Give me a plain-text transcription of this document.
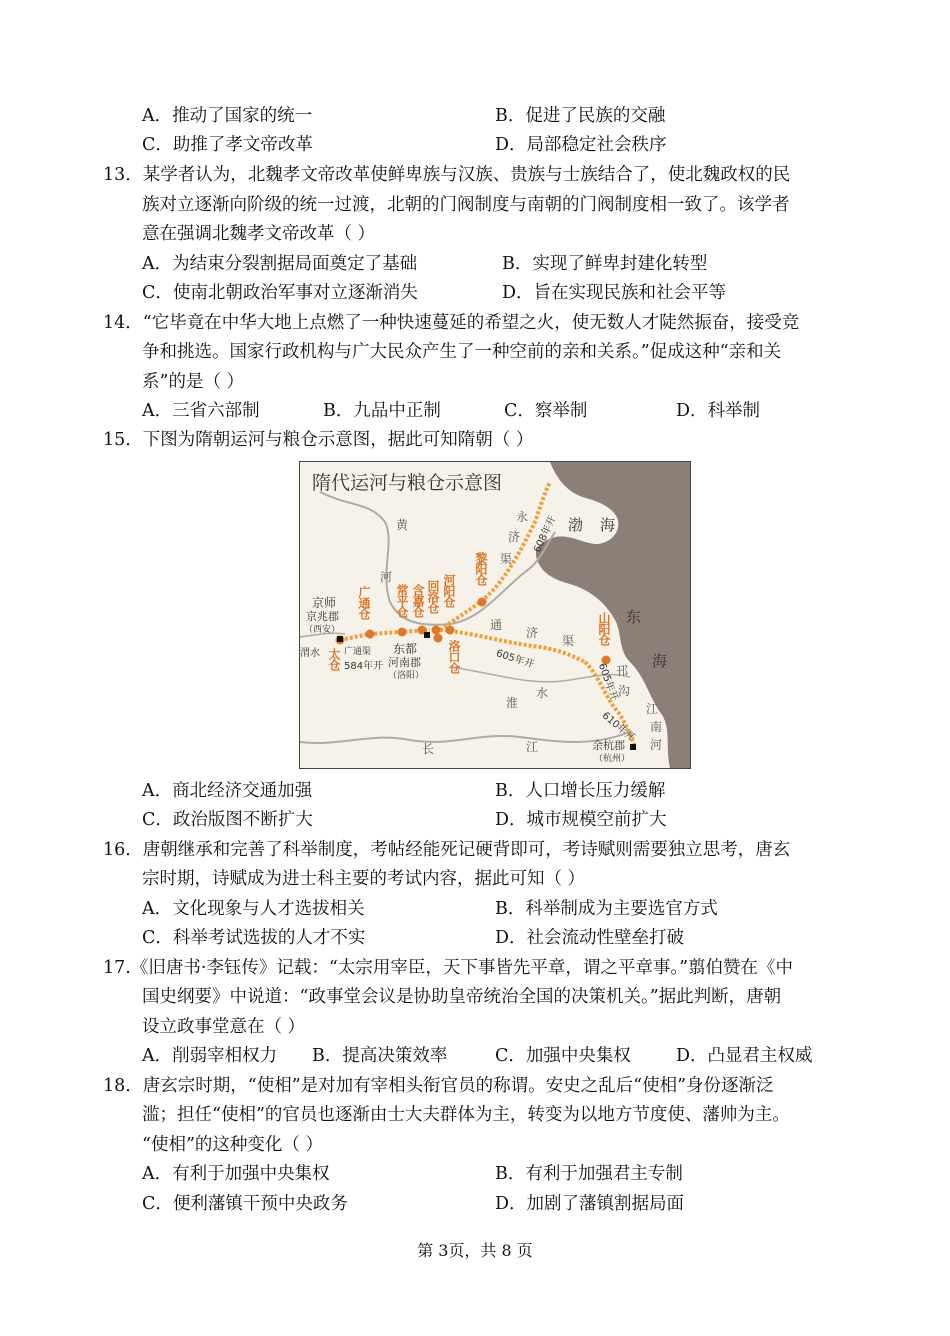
A．推动了国家的统一	B．促进了民族的交融
C．助推了孝文帝改革	D．局部稳定社会秩序
13．某学者认为，北魏孝文帝改革使鲜卑族与汉族、贵族与士族结合了，使北魏政权的民
族对立逐渐向阶级的统一过渡，北朝的门阀制度与南朝的门阀制度相一致了。该学者
意在强调北魏孝文帝改革（ ）
A．为结束分裂割据局面奠定了基础	B．实现了鲜卑封建化转型
C．使南北朝政治军事对立逐渐消失	D．旨在实现民族和社会平等
14．“它毕竟在中华大地上点燃了一种快速蔓延的希望之火，使无数人才陡然振奋，接受竞
争和挑选。国家行政机构与广大民众产生了一种空前的亲和关系。”促成这种“亲和关
系”的是（ ）
A．三省六部制	B．九品中正制	C．察举制	D．科举制
15．下图为隋朝运河与粮仓示意图，据此可知隋朝（ ）
隋代运河与粮仓示意图
京师
京兆郡
（西安）
东都
河南郡
（洛阳）
余杭郡
（杭州）
广通渠
584年开
渭水	605年开
608年开
605年开
610年开
广通仓
太仓
常平仓 含嘉仓 回洛仓 河阳仓
洛口仓
黎阳仓
山阳仓
黄
河
永
济
渠
通
济
渠
淮
水
长	江
邗
沟
江
南
河
渤 海
东
海
A．商北经济交通加强	B．人口增长压力缓解
C．政治版图不断扩大	D．城市规模空前扩大
16．唐朝继承和完善了科举制度，考帖经能死记硬背即可，考诗赋则需要独立思考，唐玄
宗时期，诗赋成为进士科主要的考试内容，据此可知（ ）
A．文化现象与人才选拔相关	B．科举制成为主要选官方式
C．科举考试选拔的人才不实	D．社会流动性壁垒打破
17.《旧唐书·李钰传》记载：“太宗用宰臣，天下事皆先平章，谓之平章事。”翦伯赞在《中
国史纲要》中说道：“政事堂会议是协助皇帝统治全国的决策机关。”据此判断，唐朝
设立政事堂意在（ ）
A．削弱宰相权力 B．提高决策效率	C．加强中央集权	D．凸显君主权威
18．唐玄宗时期，“使相”是对加有宰相头衔官员的称谓。安史之乱后“使相”身份逐渐泛
滥；担任“使相”的官员也逐渐由士大夫群体为主，转变为以地方节度使、藩帅为主。
“使相”的这种变化（ ）
A．有利于加强中央集权	B．有利于加强君主专制
C．便利藩镇干预中央政务	D．加剧了藩镇割据局面
第 3页，共 8 页
